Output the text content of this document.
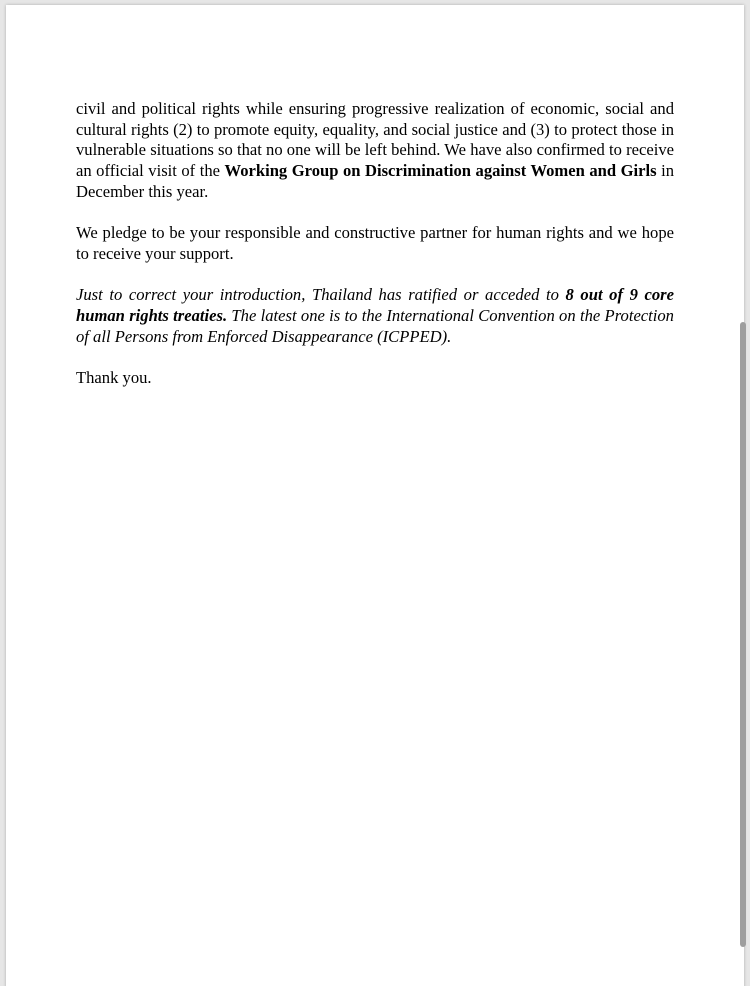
civil and political rights while ensuring progressive realization of economic, social and cultural rights (2) to promote equity, equality, and social justice and (3) to protect those in vulnerable situations so that no one will be left behind. We have also confirmed to receive an official visit of the Working Group on Discrimination against Women and Girls in December this year.

We pledge to be your responsible and constructive partner for human rights and we hope to receive your support.

Just to correct your introduction, Thailand has ratified or acceded to 8 out of 9 core human rights treaties. The latest one is to the International Convention on the Protection of all Persons from Enforced Disappearance (ICPPED).

Thank you.
